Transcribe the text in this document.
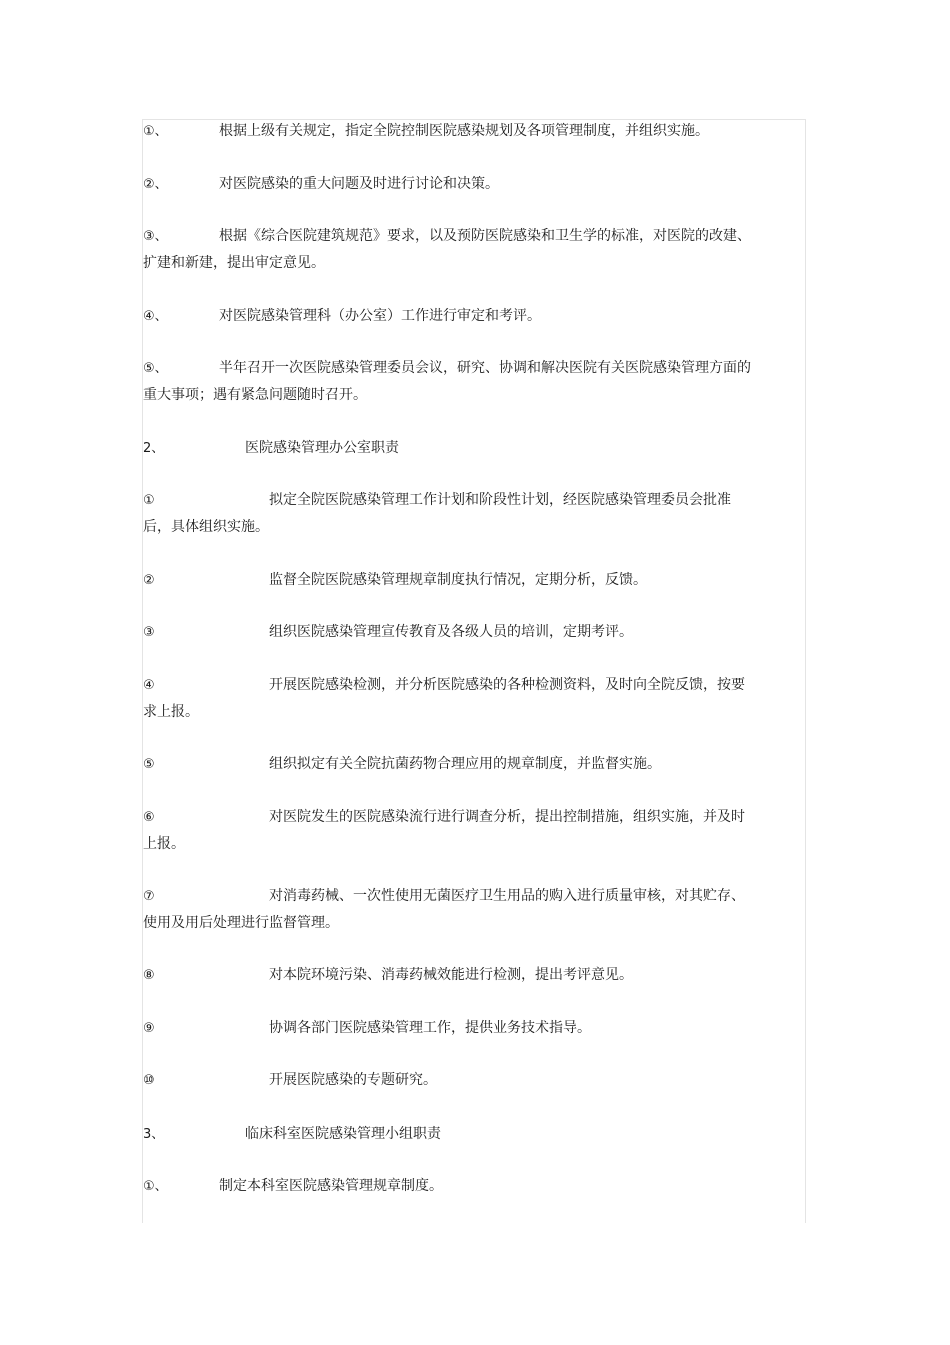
①、	根据上级有关规定，指定全院控制医院感染规划及各项管理制度，并组织实施。

②、	对医院感染的重大问题及时进行讨论和决策。

③、	根据《综合医院建筑规范》要求，以及预防医院感染和卫生学的标准，对医院的改建、扩建和新建，提出审定意见。

④、	对医院感染管理科（办公室）工作进行审定和考评。

⑤、	半年召开一次医院感染管理委员会议，研究、协调和解决医院有关医院感染管理方面的重大事项；遇有紧急问题随时召开。

2、	医院感染管理办公室职责

①	拟定全院医院感染管理工作计划和阶段性计划，经医院感染管理委员会批准后，具体组织实施。

②	监督全院医院感染管理规章制度执行情况，定期分析，反馈。

③	组织医院感染管理宣传教育及各级人员的培训，定期考评。

④	开展医院感染检测，并分析医院感染的各种检测资料，及时向全院反馈，按要求上报。

⑤	组织拟定有关全院抗菌药物合理应用的规章制度，并监督实施。

⑥	对医院发生的医院感染流行进行调查分析，提出控制措施，组织实施，并及时上报。

⑦	对消毒药械、一次性使用无菌医疗卫生用品的购入进行质量审核，对其贮存、使用及用后处理进行监督管理。

⑧	对本院环境污染、消毒药械效能进行检测，提出考评意见。

⑨	协调各部门医院感染管理工作，提供业务技术指导。

⑩	开展医院感染的专题研究。

3、	临床科室医院感染管理小组职责

①、	制定本科室医院感染管理规章制度。
